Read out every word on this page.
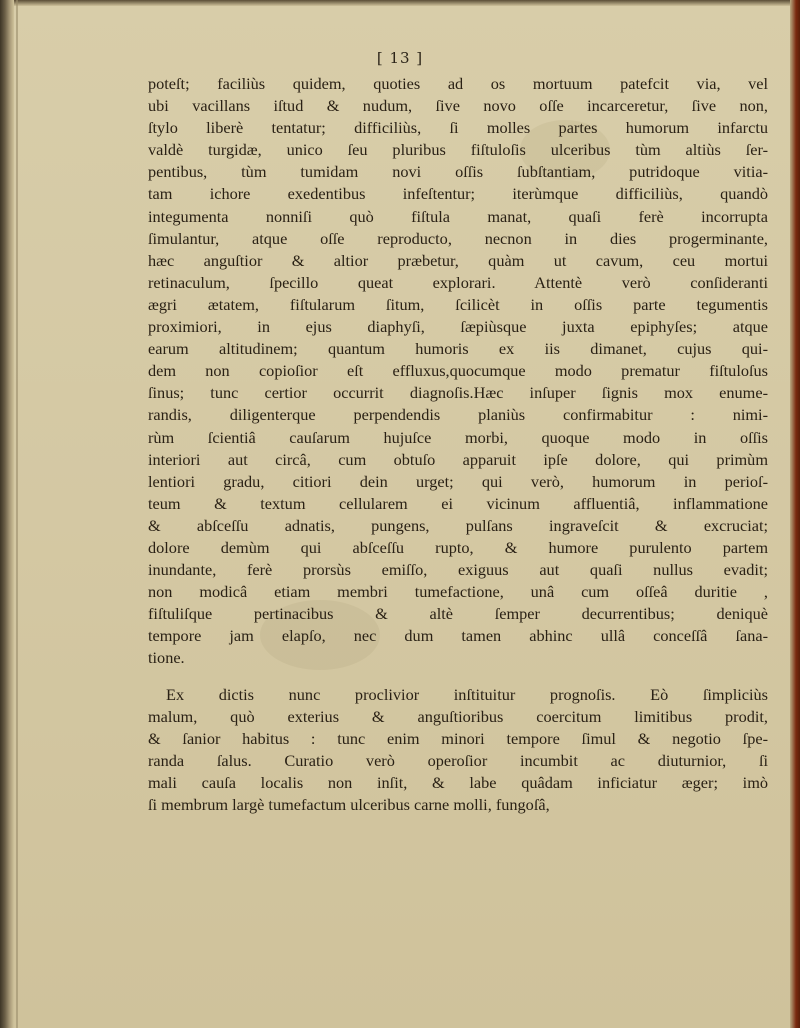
[ 13 ]
poteſt; faciliùs quidem, quoties ad os mortuum patefcit via, vel
ubi vacillans iſtud & nudum, ſive novo oſſe incarceretur, ſive non,
ſtylo liberè tentatur; difficiliùs, ſi molles partes humorum infarctu
valdè turgidæ, unico ſeu pluribus fiſtuloſis ulceribus tùm altiùs ſer-
pentibus, tùm tumidam novi oſſis ſubſtantiam, putridoque vitia-
tam ichore exedentibus infeſtentur; iterùmque difficiliùs, quandò
integumenta nonniſi quò fiſtula manat, quaſi ferè incorrupta
ſimulantur, atque oſſe reproducto, necnon in dies progerminante,
hæc anguſtior & altior præbetur, quàm ut cavum, ceu mortui
retinaculum, ſpecillo queat explorari. Attentè verò conſideranti
ægri ætatem, fiſtularum ſitum, ſcilicèt in oſſis parte tegumentis
proximiori, in ejus diaphyſi, ſæpiùsque juxta epiphyſes; atque
earum altitudinem; quantum humoris ex iis dimanet, cujus qui-
dem non copioſior eſt effluxus,quocumque modo prematur fiſtuloſus
ſinus; tunc certior occurrit diagnoſis.Hæc inſuper ſignis mox enume-
randis, diligenterque perpendendis planiùs confirmabitur : nimi-
rùm ſcientiâ cauſarum hujuſce morbi, quoque modo in oſſis
interiori aut circâ, cum obtuſo apparuit ipſe dolore, qui primùm
lentiori gradu, citiori dein urget; qui verò, humorum in perioſ-
teum & textum cellularem ei vicinum affluentiâ, inflammatione
& abſceſſu adnatis, pungens, pulſans ingraveſcit & excruciat;
dolore demùm qui abſceſſu rupto, & humore purulento partem
inundante, ferè prorsùs emiſſo, exiguus aut quaſi nullus evadit;
non modicâ etiam membri tumefactione, unâ cum oſſeâ duritie ,
fiſtuliſque pertinacibus & altè ſemper decurrentibus; deniquè
tempore jam elapſo, nec dum tamen abhinc ullâ conceſſâ ſana-
tione.
Ex dictis nunc proclivior inſtituitur prognoſis. Eò ſimpliciùs
malum, quò exterius & anguſtioribus coercitum limitibus prodit,
& ſanior habitus : tunc enim minori tempore ſimul & negotio ſpe-
randa ſalus. Curatio verò operoſior incumbit ac diuturnior, ſi
mali cauſa localis non inſit, & labe quâdam inficiatur æger; imò
ſi membrum largè tumefactum ulceribus carne molli, fungoſâ,
